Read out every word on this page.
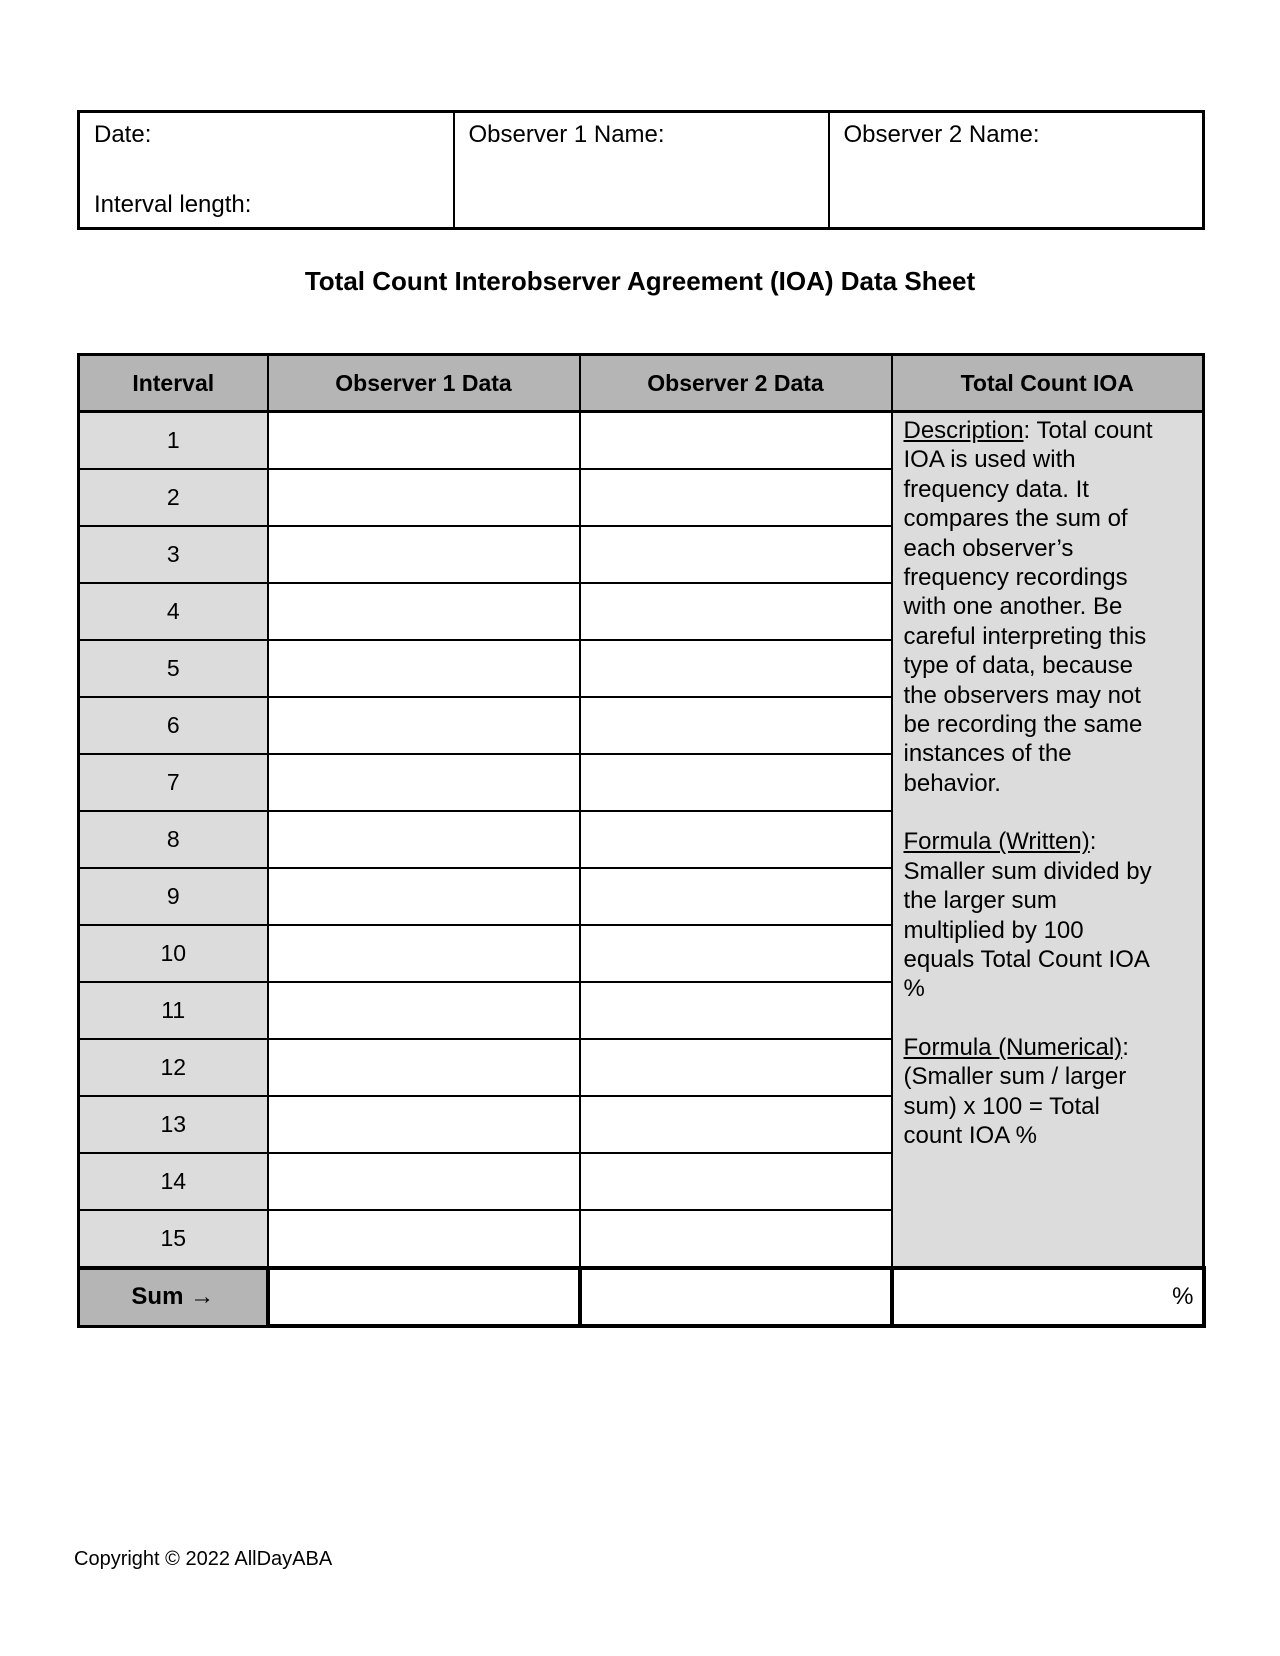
Date:
Interval length:

Observer 1 Name:	Observer 2 Name:
Total Count Interobserver Agreement (IOA) Data Sheet
Interval	Observer 1 Data	Observer 2 Data	Total Count IOA
1			Description: Total count IOA is used with frequency data. It compares the sum of each observer’s frequency recordings with one another. Be careful interpreting this type of data, because the observers may not be recording the same instances of the behavior.

Formula (Written): Smaller sum divided by the larger sum multiplied by 100 equals Total Count IOA %

Formula (Numerical): (Smaller sum / larger sum) x 100 = Total count IOA %

2			
3			
4			
5			
6			
7			
8			
9			
10			
11			
12			
13			
14			
15			
Sum →			%
Copyright © 2022 AllDayABA
